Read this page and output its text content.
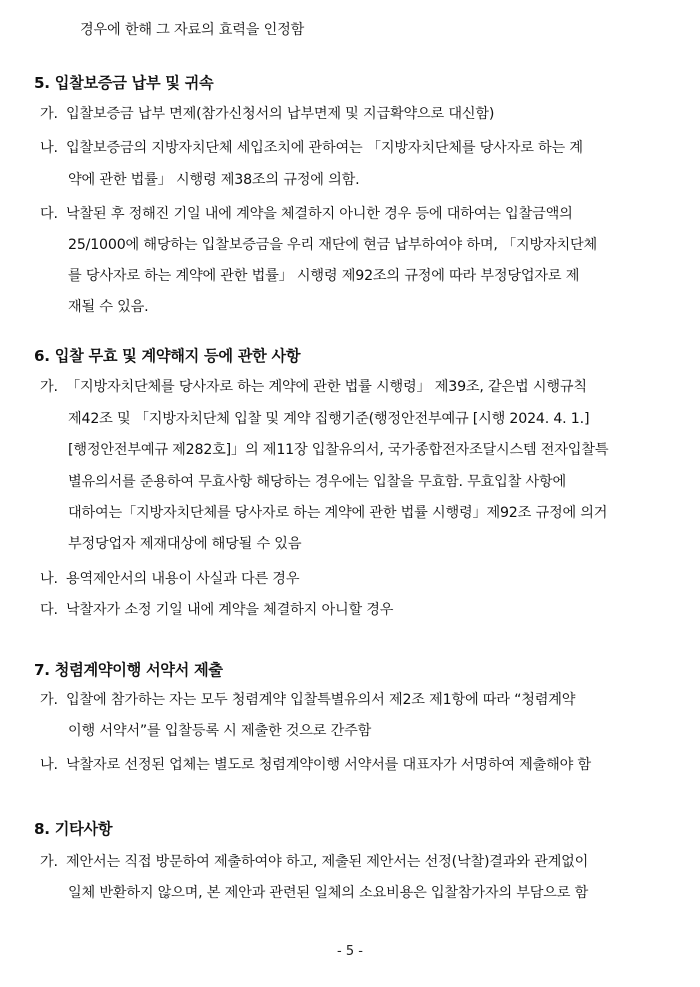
경우에 한해 그 자료의 효력을 인정함
5. 입찰보증금 납부 및 귀속
가. 입찰보증금 납부 면제(참가신청서의 납부면제 및 지급확약으로 대신함)
나. 입찰보증금의 지방자치단체 세입조치에 관하여는 「지방자치단체를 당사자로 하는 계
약에 관한 법률」 시행령 제38조의 규정에 의함.
다. 낙찰된 후 정해진 기일 내에 계약을 체결하지 아니한 경우 등에 대하여는 입찰금액의
25/1000에 해당하는 입찰보증금을 우리 재단에 현금 납부하여야 하며, 「지방자치단체
를 당사자로 하는 계약에 관한 법률」 시행령 제92조의 규정에 따라 부정당업자로 제
재될 수 있음.
6. 입찰 무효 및 계약해지 등에 관한 사항
가. 「지방자치단체를 당사자로 하는 계약에 관한 법률 시행령」 제39조, 같은법 시행규칙
제42조 및 「지방자치단체 입찰 및 계약 집행기준(행정안전부예규 [시행 2024. 4. 1.]
[행정안전부예규 제282호]」의 제11장 입찰유의서, 국가종합전자조달시스템 전자입찰특
별유의서를 준용하여 무효사항 해당하는 경우에는 입찰을 무효함. 무효입찰 사항에
대하여는「지방자치단체를 당사자로 하는 계약에 관한 법률 시행령」제92조 규정에 의거
부정당업자 제재대상에 해당될 수 있음
나. 용역제안서의 내용이 사실과 다른 경우
다. 낙찰자가 소정 기일 내에 계약을 체결하지 아니할 경우
7. 청렴계약이행 서약서 제출
가. 입찰에 참가하는 자는 모두 청렴계약 입찰특별유의서 제2조 제1항에 따라 “청렴계약
이행 서약서”를 입찰등록 시 제출한 것으로 간주함
나. 낙찰자로 선정된 업체는 별도로 청렴계약이행 서약서를 대표자가 서명하여 제출해야 함
8. 기타사항
가. 제안서는 직접 방문하여 제출하여야 하고, 제출된 제안서는 선정(낙찰)결과와 관계없이
일체 반환하지 않으며, 본 제안과 관련된 일체의 소요비용은 입찰참가자의 부담으로 함
- 5 -
